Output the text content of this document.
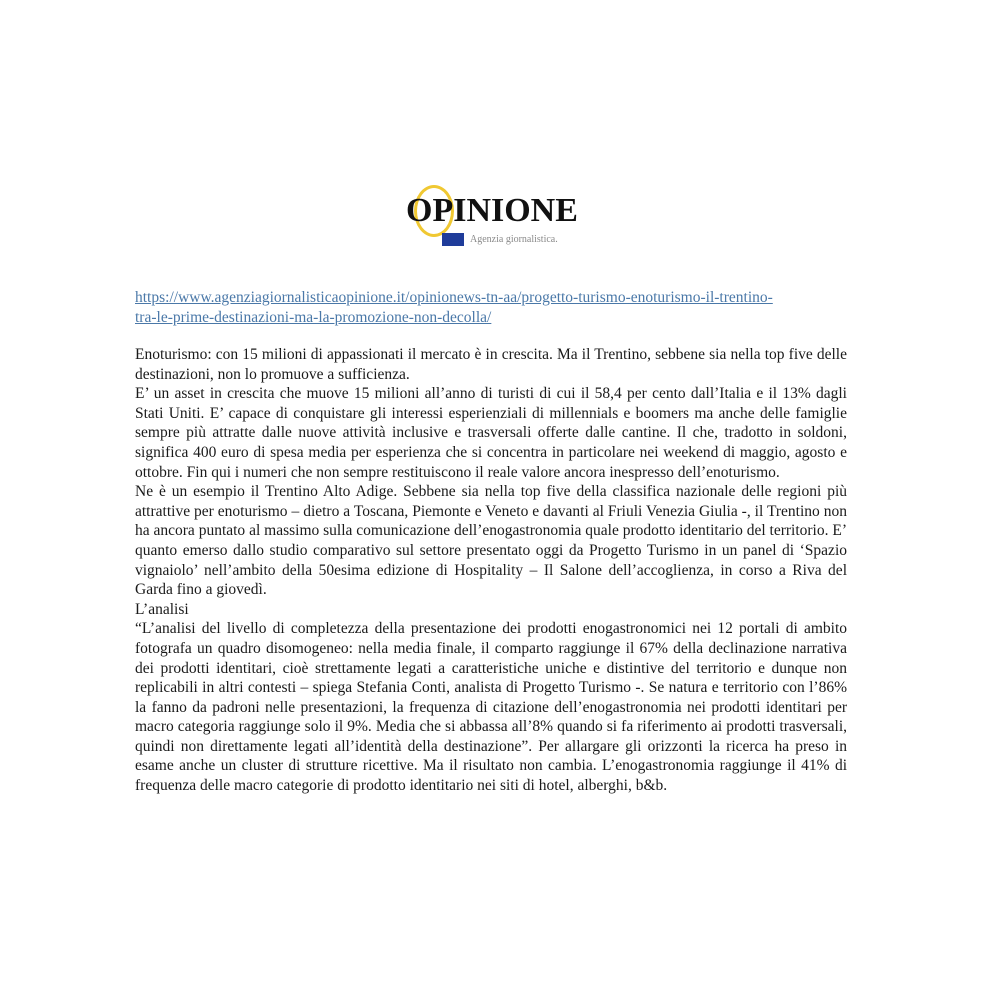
OPINIONE
Agenzia giornalistica.
https://www.agenziagiornalisticaopinione.it/opinionews-tn-aa/progetto-turismo-enoturismo-il-trentino-
tra-le-prime-destinazioni-ma-la-promozione-non-decolla/

Enoturismo: con 15 milioni di appassionati il mercato è in crescita. Ma il Trentino, sebbene sia nella top five delle destinazioni, non lo promuove a sufficienza.

E’ un asset in crescita che muove 15 milioni all’anno di turisti di cui il 58,4 per cento dall’Italia e il 13% dagli Stati Uniti. E’ capace di conquistare gli interessi esperienziali di millennials e boomers ma anche delle famiglie sempre più attratte dalle nuove attività inclusive e trasversali offerte dalle cantine. Il che, tradotto in soldoni, significa 400 euro di spesa media per esperienza che si concentra in particolare nei weekend di maggio, agosto e ottobre. Fin qui i numeri che non sempre restituiscono il reale valore ancora inespresso dell’enoturismo.

Ne è un esempio il Trentino Alto Adige. Sebbene sia nella top five della classifica nazionale delle regioni più attrattive per enoturismo – dietro a Toscana, Piemonte e Veneto e davanti al Friuli Venezia Giulia -, il Trentino non ha ancora puntato al massimo sulla comunicazione dell’enogastronomia quale prodotto identitario del territorio. E’ quanto emerso dallo studio comparativo sul settore presentato oggi da Progetto Turismo in un panel di ‘Spazio vignaiolo’ nell’ambito della 50esima edizione di Hospitality – Il Salone dell’accoglienza, in corso a Riva del Garda fino a giovedì.

L’analisi

“L’analisi del livello di completezza della presentazione dei prodotti enogastronomici nei 12 portali di ambito fotografa un quadro disomogeneo: nella media finale, il comparto raggiunge il 67% della declinazione narrativa dei prodotti identitari, cioè strettamente legati a caratteristiche uniche e distintive del territorio e dunque non replicabili in altri contesti – spiega Stefania Conti, analista di Progetto Turismo -. Se natura e territorio con l’86% la fanno da padroni nelle presentazioni, la frequenza di citazione dell’enogastronomia nei prodotti identitari per macro categoria raggiunge solo il 9%. Media che si abbassa all’8% quando si fa riferimento ai prodotti trasversali, quindi non direttamente legati all’identità della destinazione”. Per allargare gli orizzonti la ricerca ha preso in esame anche un cluster di strutture ricettive. Ma il risultato non cambia. L’enogastronomia raggiunge il 41% di frequenza delle macro categorie di prodotto identitario nei siti di hotel, alberghi, b&b.
